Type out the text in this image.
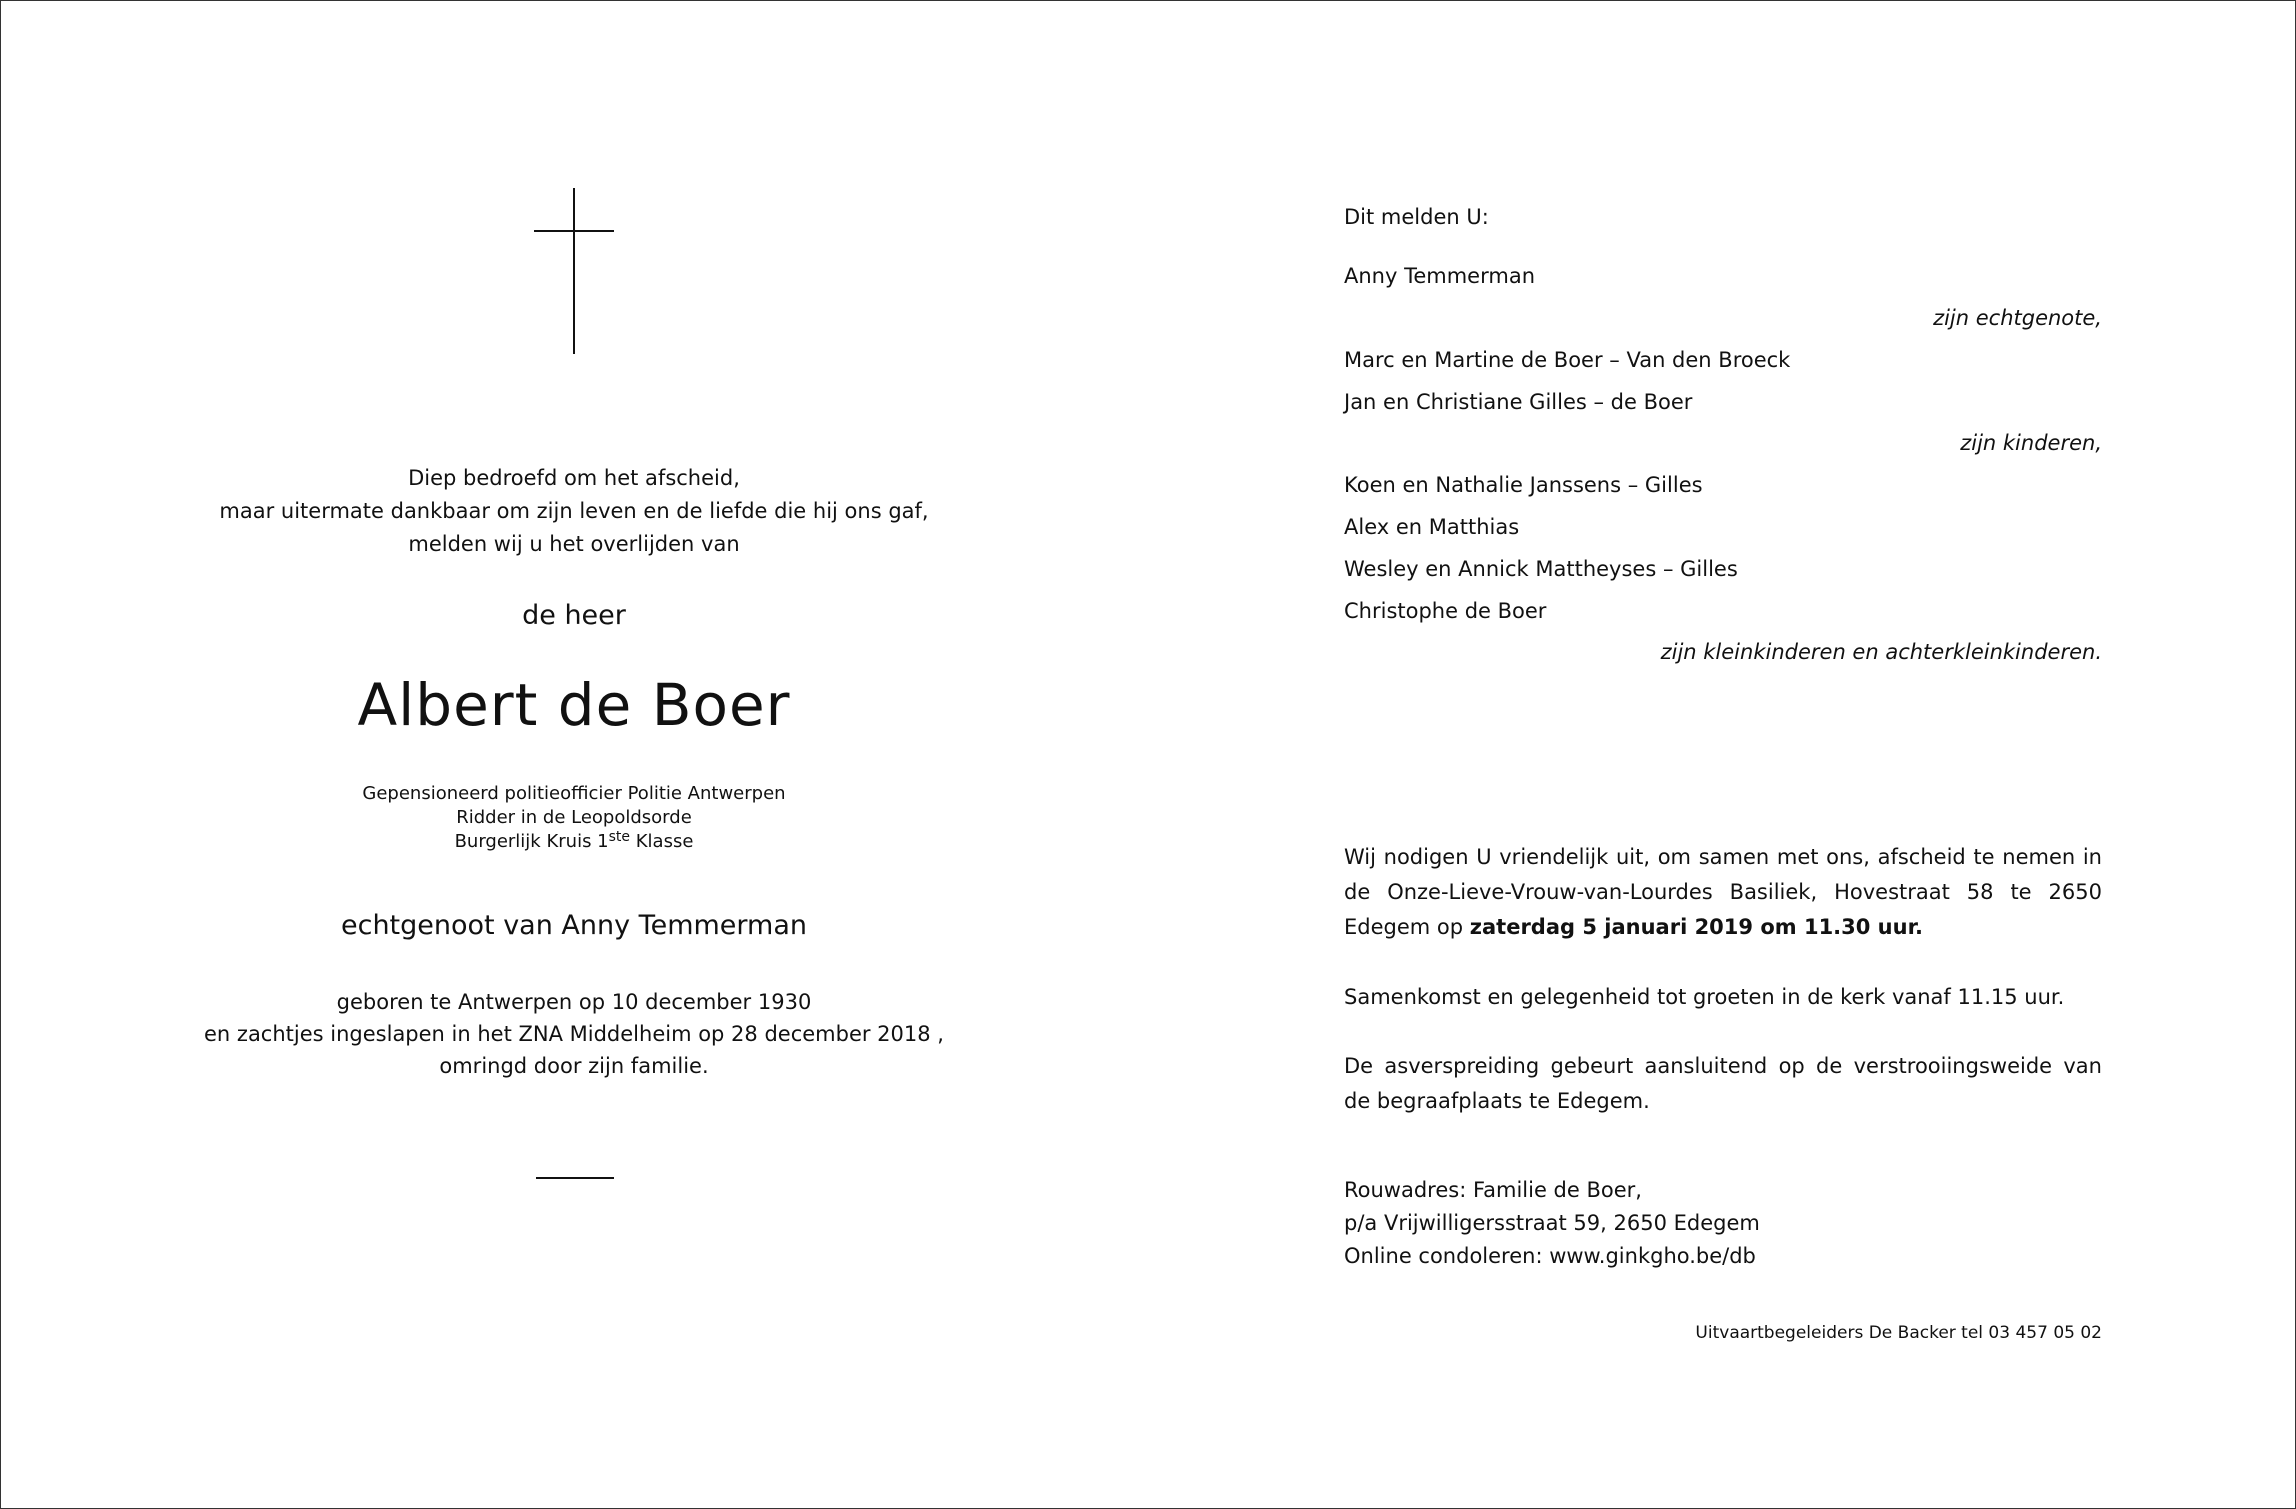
Diep bedroefd om het afscheid,
maar uitermate dankbaar om zijn leven en de liefde die hij ons gaf,
melden wij u het overlijden van
de heer
Albert de Boer
Gepensioneerd politieofficier Politie Antwerpen
Ridder in de Leopoldsorde
Burgerlijk Kruis 1ste Klasse
echtgenoot van Anny Temmerman
geboren te Antwerpen op 10 december 1930
en zachtjes ingeslapen in het ZNA Middelheim op 28 december 2018 ,
omringd door zijn familie.
Dit melden U:
Anny Temmerman
zijn echtgenote,
Marc en Martine de Boer – Van den Broeck
Jan en Christiane Gilles – de Boer
zijn kinderen,
Koen en Nathalie Janssens – Gilles
Alex en Matthias
Wesley en Annick Mattheyses – Gilles
Christophe de Boer
zijn kleinkinderen en achterkleinkinderen.
Wij nodigen U vriendelijk uit, om samen met ons, afscheid te nemen in de Onze-Lieve-Vrouw-van-Lourdes Basiliek, Hovestraat 58 te 2650 Edegem op zaterdag 5 januari 2019 om 11.30 uur.
Samenkomst en gelegenheid tot groeten in de kerk vanaf 11.15 uur.
De asverspreiding gebeurt aansluitend op de verstrooiingsweide van de begraafplaats te Edegem.
Rouwadres: Familie de Boer,
p/a Vrijwilligersstraat 59, 2650 Edegem
Online condoleren: www.ginkgho.be/db
Uitvaartbegeleiders De Backer tel 03 457 05 02
